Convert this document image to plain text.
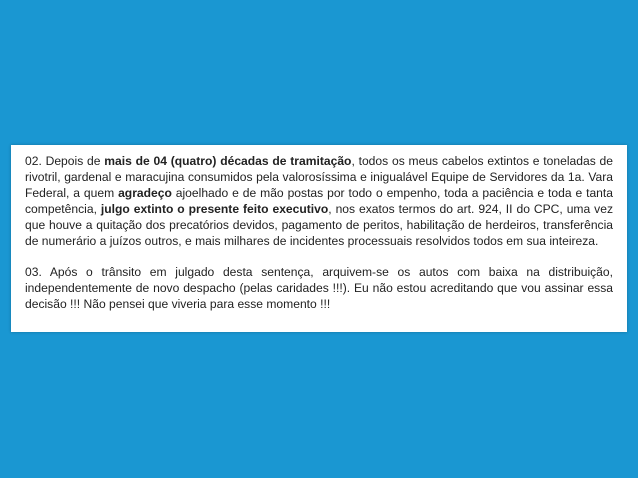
02. Depois de mais de 04 (quatro) décadas de tramitação, todos os meus cabelos extintos e toneladas de rivotril, gardenal e maracujina consumidos pela valorosíssima e inigualável Equipe de Servidores da 1a. Vara Federal, a quem agradeço ajoelhado e de mão postas por todo o empenho, toda a paciência e toda e tanta competência, julgo extinto o presente feito executivo, nos exatos termos do art. 924, II do CPC, uma vez que houve a quitação dos precatórios devidos, pagamento de peritos, habilitação de herdeiros, transferência de numerário a juízos outros, e mais milhares de incidentes processuais resolvidos todos em sua inteireza.

03. Após o trânsito em julgado desta sentença, arquivem-se os autos com baixa na distribuição, independentemente de novo despacho (pelas caridades !!!). Eu não estou acreditando que vou assinar essa decisão !!! Não pensei que viveria para esse momento !!!
